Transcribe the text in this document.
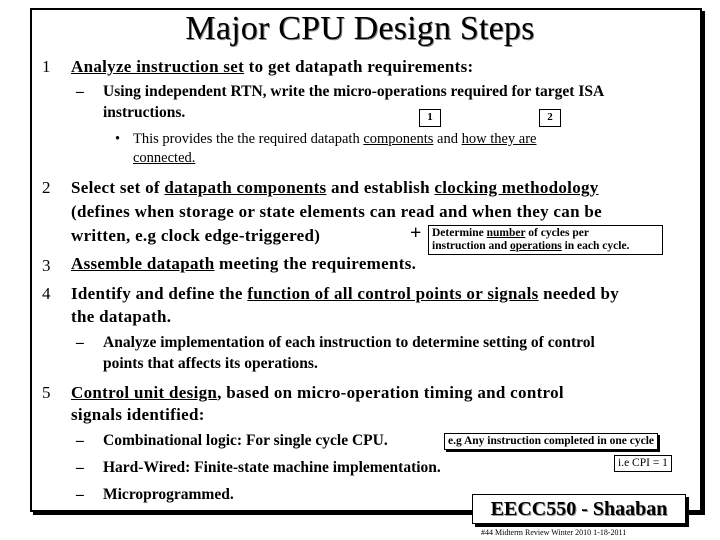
Major CPU Design Steps
1 Analyze instruction set to get datapath requirements:
– Using independent RTN, write the micro-operations required for target ISA
instructions.	1	2
• This provides the the required datapath components and how they are
connected.
2 Select set of datapath components and establish clocking methodology
(defines when storage or state elements can read and when they can be
written, e.g clock edge-triggered)	+ Determine number of cycles per
instruction and operations in each cycle.
3 Assemble datapath meeting the requirements.
4 Identify and define the function of all control points or signals needed by
the datapath.
– Analyze implementation of each instruction to determine setting of control
points that affects its operations.
5 Control unit design, based on micro-operation timing and control
signals identified:
– Combinational logic: For single cycle CPU.	e.g Any instruction completed in one cycle
– Hard-Wired: Finite-state machine implementation.	i.e CPI = 1
– Microprogrammed.
EECC550 - Shaaban
#44 Midterm Review Winter 2010 1-18-2011
